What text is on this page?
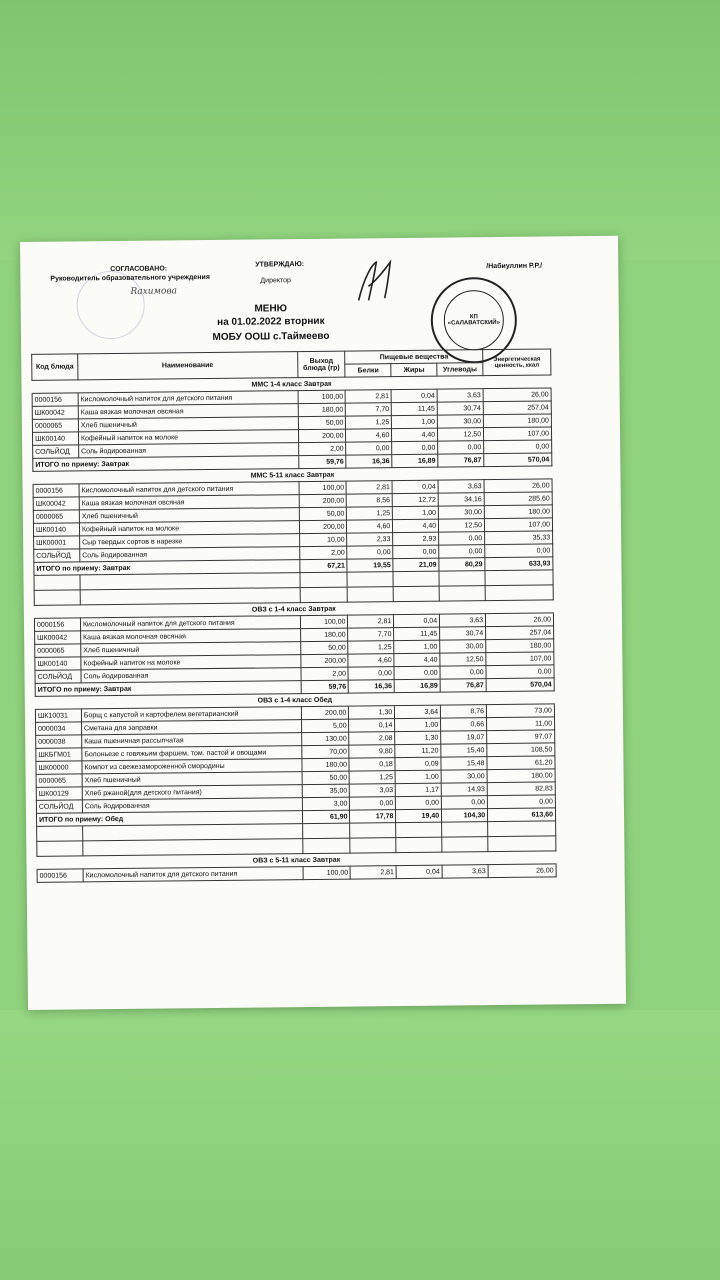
СОГЛАСОВАНО:
Руководитель образовательного учреждения
Rахимова
УТВЕРЖДАЮ:
Директор
/Набиуллин Р.Р./
КП «САЛАВАТСКИЙ»
МЕНЮ
на 01.02.2022 вторник
МОБУ ООШ с.Таймеево
Код блюда	Наименование	Выход блюда (гр)	Пищевые вещества			Энергетическая ценность, ккал
			Белки	Жиры	Углеводы	
ММС 1-4 класс Завтрак						
0000156	Кисломолочный напиток для детского питания	100,00	2,81	0,04	3,63	26,00
ШК00042	Каша вязкая молочная овсяная	180,00	7,70	11,45	30,74	257,04
0000065	Хлеб пшеничный	50,00	1,25	1,00	30,00	180,00
ШК00140	Кофейный напиток на молоке	200,00	4,60	4,40	12,50	107,00
СОЛЬЙОД	Соль йодированная	2,00	0,00	0,00	0,00	0,00
ИТОГО по приему: Завтрак		59,76	16,36	16,89	76,87	570,04
ММС 5-11 класс Завтрак						
0000156	Кисломолочный напиток для детского питания	100,00	2,81	0,04	3,63	26,00
ШК00042	Каша вязкая молочная овсяная	200,00	8,56	12,72	34,16	285,60
0000065	Хлеб пшеничный	50,00	1,25	1,00	30,00	180,00
ШК00140	Кофейный напиток на молоке	200,00	4,60	4,40	12,50	107,00
ШК00001	Сыр твердых сортов в нарезке	10,00	2,33	2,93	0,00	35,33
СОЛЬЙОД	Соль йодированная	2,00	0,00	0,00	0,00	0,00
ИТОГО по приему: Завтрак		67,21	19,55	21,09	80,29	633,93

ОВЗ с 1-4 класс Завтрак						
0000156	Кисломолочный напиток для детского питания	100,00	2,81	0,04	3,63	26,00
ШК00042	Каша вязкая молочная овсяная	180,00	7,70	11,45	30,74	257,04
0000065	Хлеб пшеничный	50,00	1,25	1,00	30,00	180,00
ШК00140	Кофейный напиток на молоке	200,00	4,60	4,40	12,50	107,00
СОЛЬЙОД	Соль йодированная	2,00	0,00	0,00	0,00	0,00
ИТОГО по приему: Завтрак		59,76	16,36	16,89	76,87	570,04
ОВЗ с 1-4 класс Обед						
ШК10031	Борщ с капустой и картофелем вегетарианский	200,00	1,30	3,64	8,76	73,00
0000034	Сметана для заправки	5,00	0,14	1,00	0,66	11,00
0000038	Каша пшеничная рассыпчатая	130,00	2,08	1,30	19,07	97,07
ШКБГМ01	Болоньезе с говяжьим фаршем, том. пастой и овощами	70,00	9,80	11,20	15,40	108,50
ШК00000	Компот из свежезамороженной смородины	180,00	0,18	0,09	15,48	61,20
0000065	Хлеб пшеничный	50,00	1,25	1,00	30,00	180,00
ШК00129	Хлеб ржаной(для детского питания)	35,00	3,03	1,17	14,93	82,83
СОЛЬЙОД	Соль йодированная	3,00	0,00	0,00	0,00	0,00
ИТОГО по приему: Обед		61,90	17,78	19,40	104,30	613,60

ОВЗ с 5-11 класс Завтрак						
0000156	Кисломолочный напиток для детского питания	100,00	2,81	0,04	3,63	26,00
